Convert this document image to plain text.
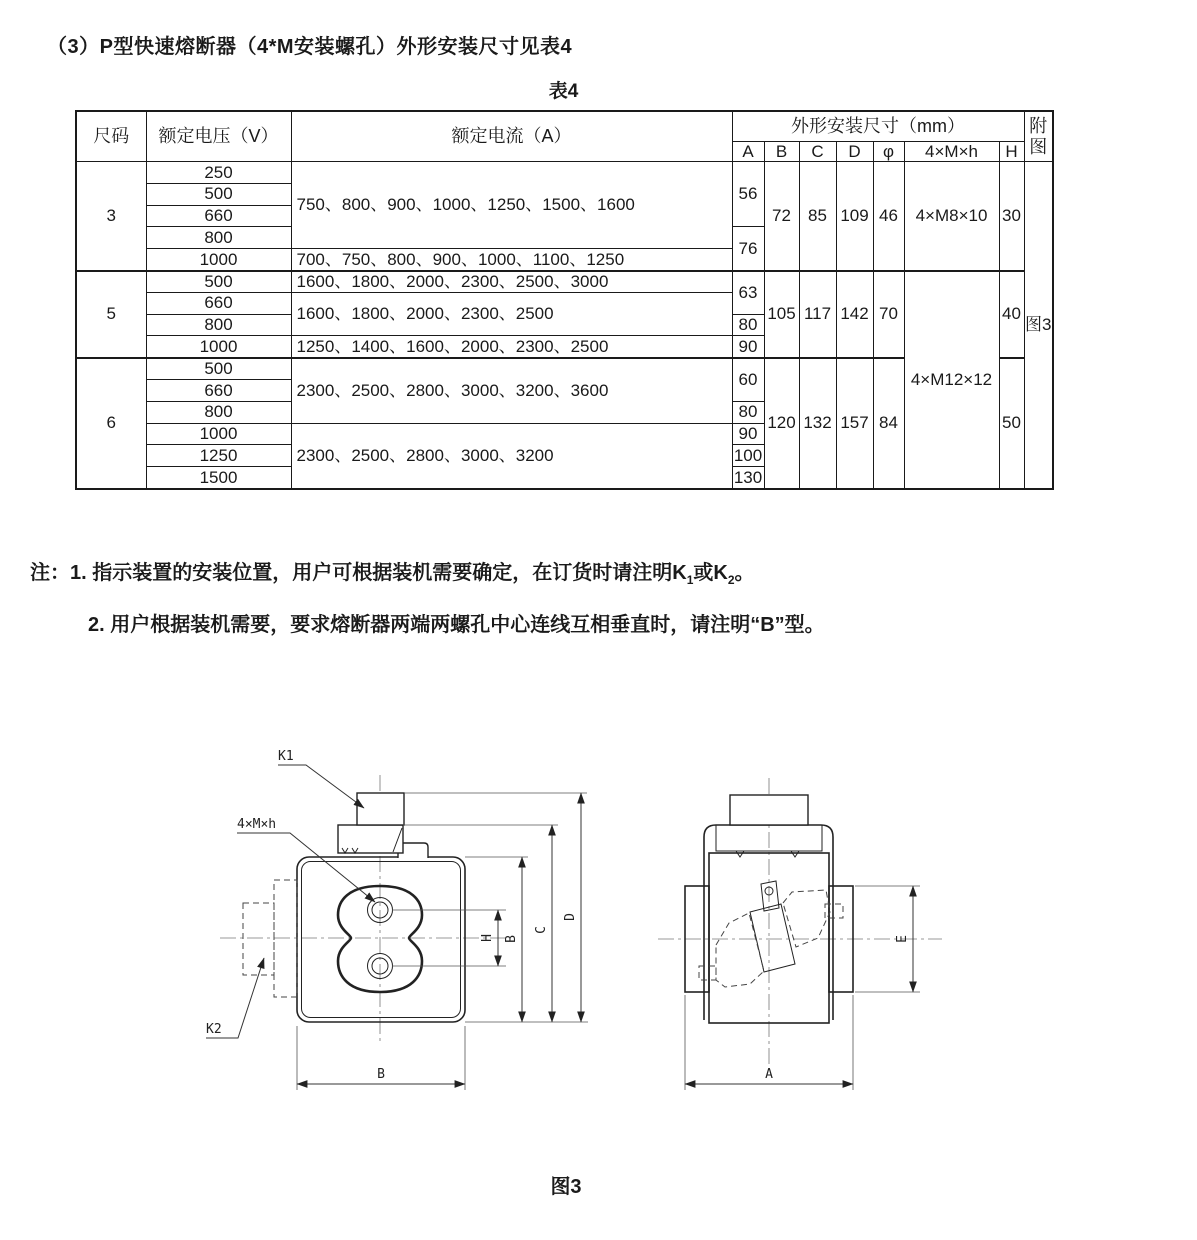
（3）P型快速熔断器（4*M安装螺孔）外形安装尺寸见表4
表4
尺码	额定电压（V）	额定电流（A）	外形安装尺寸（mm）							附图
			A	B	C	D	φ	4×M×h	H	
3	250	750、800、900、1000、1250、1500、1600	56	72	85	109	46	4×M8×10	30	图3
	500									
	660									
	800		76							
	1000	700、750、800、900、1000、1100、1250								
5	500	1600、1800、2000、2300、2500、3000	63	105	117	142	70	4×M12×12	40	
	660	1600、1800、2000、2300、2500								
	800		80							
	1000	1250、1400、1600、2000、2300、2500	90							
6	500	2300、2500、2800、3000、3200、3600	60	120	132	157	84		50	
	660									
	800		80							
	1000	2300、2500、2800、3000、3200	90							
	1250		100							
	1500		130							
注：1. 指示装置的安装位置，用户可根据装机需要确定，在订货时请注明$K_1$或$K_2$。
2. 用户根据装机需要，要求熔断器两端两螺孔中心连线互相垂直时，请注明“B”型。
K1
4×M×h
K2
H B
C
D
B
E
A
图3
